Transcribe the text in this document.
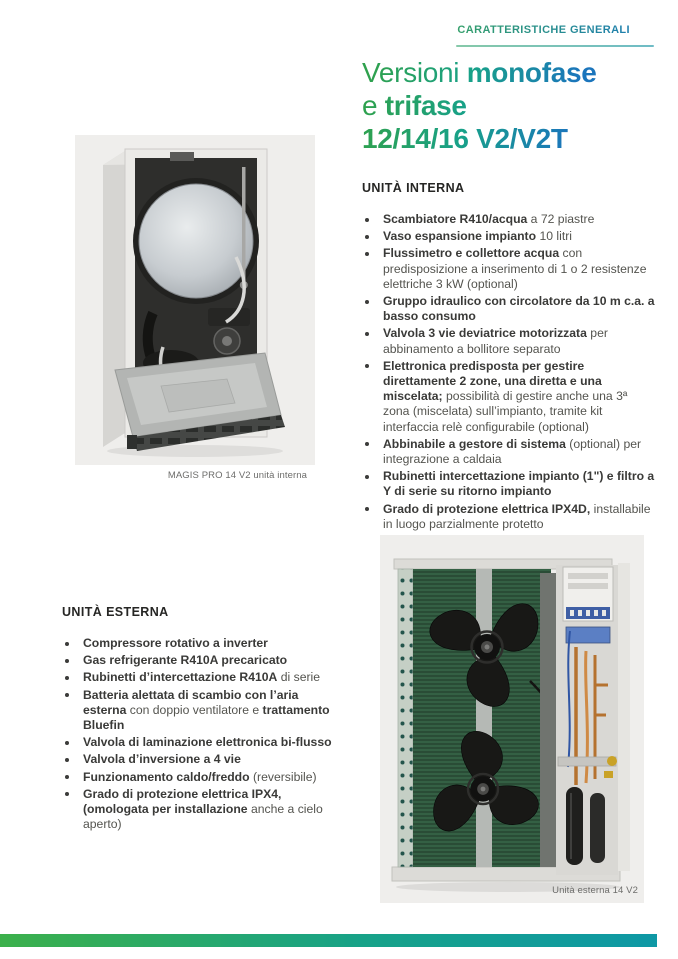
CARATTERISTICHE GENERALI
Versioni monofase
e trifase
12/14/16 V2/V2T
MAGIS PRO 14 V2 unità interna
UNITÀ INTERNA
Scambiatore R410/acqua a 72 piastre
Vaso espansione impianto 10 litri
Flussimetro e collettore acqua con predisposizione a inserimento di 1 o 2 resistenze elettriche 3 kW (optional)
Gruppo idraulico con circolatore da 10 m c.a. a basso consumo
Valvola 3 vie deviatrice motorizzata per abbinamento a bollitore separato
Elettronica predisposta per gestire direttamente 2 zone, una diretta e una miscelata; possibilità di gestire anche una 3ª zona (miscelata) sull’impianto, tramite kit interfaccia relè configurabile (optional)
Abbinabile a gestore di sistema (optional) per integrazione a caldaia
Rubinetti intercettazione impianto (1") e filtro a Y di serie su ritorno impianto
Grado di protezione elettrica IPX4D, installabile in luogo parzialmente protetto
UNITÀ ESTERNA
Compressore rotativo a inverter
Gas refrigerante R410A precaricato
Rubinetti d’intercettazione R410A di serie
Batteria alettata di scambio con l’aria esterna con doppio ventilatore e trattamento Bluefin
Valvola di laminazione elettronica bi-flusso
Valvola d’inversione a 4 vie
Funzionamento caldo/freddo (reversibile)
Grado di protezione elettrica IPX4, (omologata per installazione anche a cielo aperto)
Unità esterna 14 V2
